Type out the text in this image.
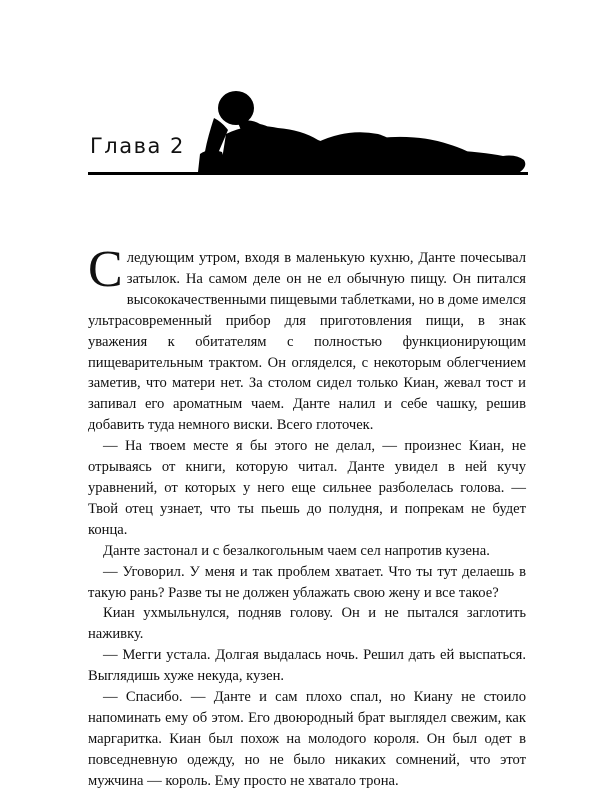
Глава 2

Следующим утром, входя в маленькую кухню, Данте почесывал затылок. На самом деле он не ел обычную пищу. Он питался высококачественными пищевыми таблетками, но в доме имелся ультрасовременный прибор для приготовления пищи, в знак уважения к обитателям с полностью функционирующим пищеварительным трактом. Он огляделся, с некоторым облегчением заметив, что матери нет. За столом сидел только Киан, жевал тост и запивал его ароматным чаем. Данте налил и себе чашку, решив добавить туда немного виски. Всего глоточек.

— На твоем месте я бы этого не делал, — произнес Киан, не отрываясь от книги, которую читал. Данте увидел в ней кучу уравнений, от которых у него еще сильнее разболелась голова. — Твой отец узнает, что ты пьешь до полудня, и попрекам не будет конца.

Данте застонал и с безалкогольным чаем сел напротив кузена.

— Уговорил. У меня и так проблем хватает. Что ты тут делаешь в такую рань? Разве ты не должен ублажать свою жену и все такое?

Киан ухмыльнулся, подняв голову. Он и не пытался заглотить наживку.

— Мегги устала. Долгая выдалась ночь. Решил дать ей выспаться. Выглядишь хуже некуда, кузен.

— Спасибо. — Данте и сам плохо спал, но Киану не стоило напоминать ему об этом. Его двоюродный брат выглядел свежим, как маргаритка. Киан был похож на молодого короля. Он был одет в повседневную одежду, но не было никаких сомнений, что этот мужчина — король. Ему просто не хватало трона.
